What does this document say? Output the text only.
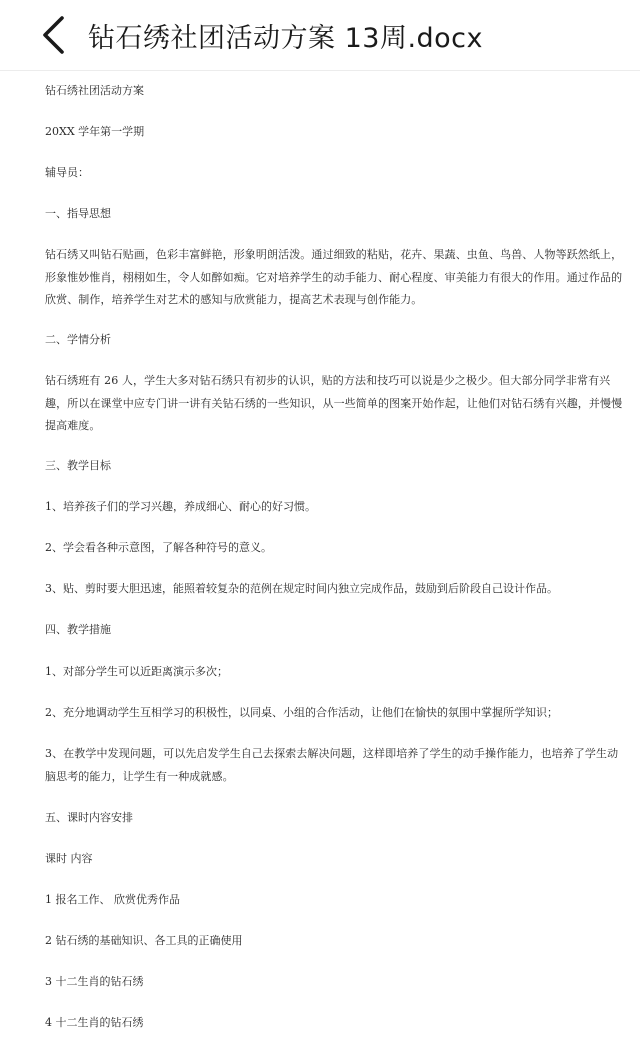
钻石绣社团活动方案 13周.docx

钻石绣社团活动方案

20XX 学年第一学期

辅导员：

一、指导思想

钻石绣又叫钻石贴画，色彩丰富鲜艳，形象明朗活泼。通过细致的粘贴，花卉、果蔬、虫鱼、鸟兽、人物等跃然纸上，形象惟妙惟肖，栩栩如生，令人如醉如痴。它对培养学生的动手能力、耐心程度、审美能力有很大的作用。通过作品的欣赏、制作，培养学生对艺术的感知与欣赏能力，提高艺术表现与创作能力。

二、学情分析

钻石绣班有 26 人，学生大多对钻石绣只有初步的认识，贴的方法和技巧可以说是少之极少。但大部分同学非常有兴趣，所以在课堂中应专门讲一讲有关钻石绣的一些知识，从一些简单的图案开始作起，让他们对钻石绣有兴趣，并慢慢提高难度。

三、教学目标

1、培养孩子们的学习兴趣，养成细心、耐心的好习惯。

2、学会看各种示意图，了解各种符号的意义。

3、贴、剪时要大胆迅速，能照着较复杂的范例在规定时间内独立完成作品，鼓励到后阶段自己设计作品。

四、教学措施

1、对部分学生可以近距离演示多次；

2、充分地调动学生互相学习的积极性，以同桌、小组的合作活动，让他们在愉快的氛围中掌握所学知识；

3、在教学中发现问题，可以先启发学生自己去探索去解决问题，这样即培养了学生的动手操作能力，也培养了学生动脑思考的能力，让学生有一种成就感。

五、课时内容安排

课时 内容

1 报名工作、 欣赏优秀作品

2 钻石绣的基础知识、各工具的正确使用

3 十二生肖的钻石绣

4 十二生肖的钻石绣
